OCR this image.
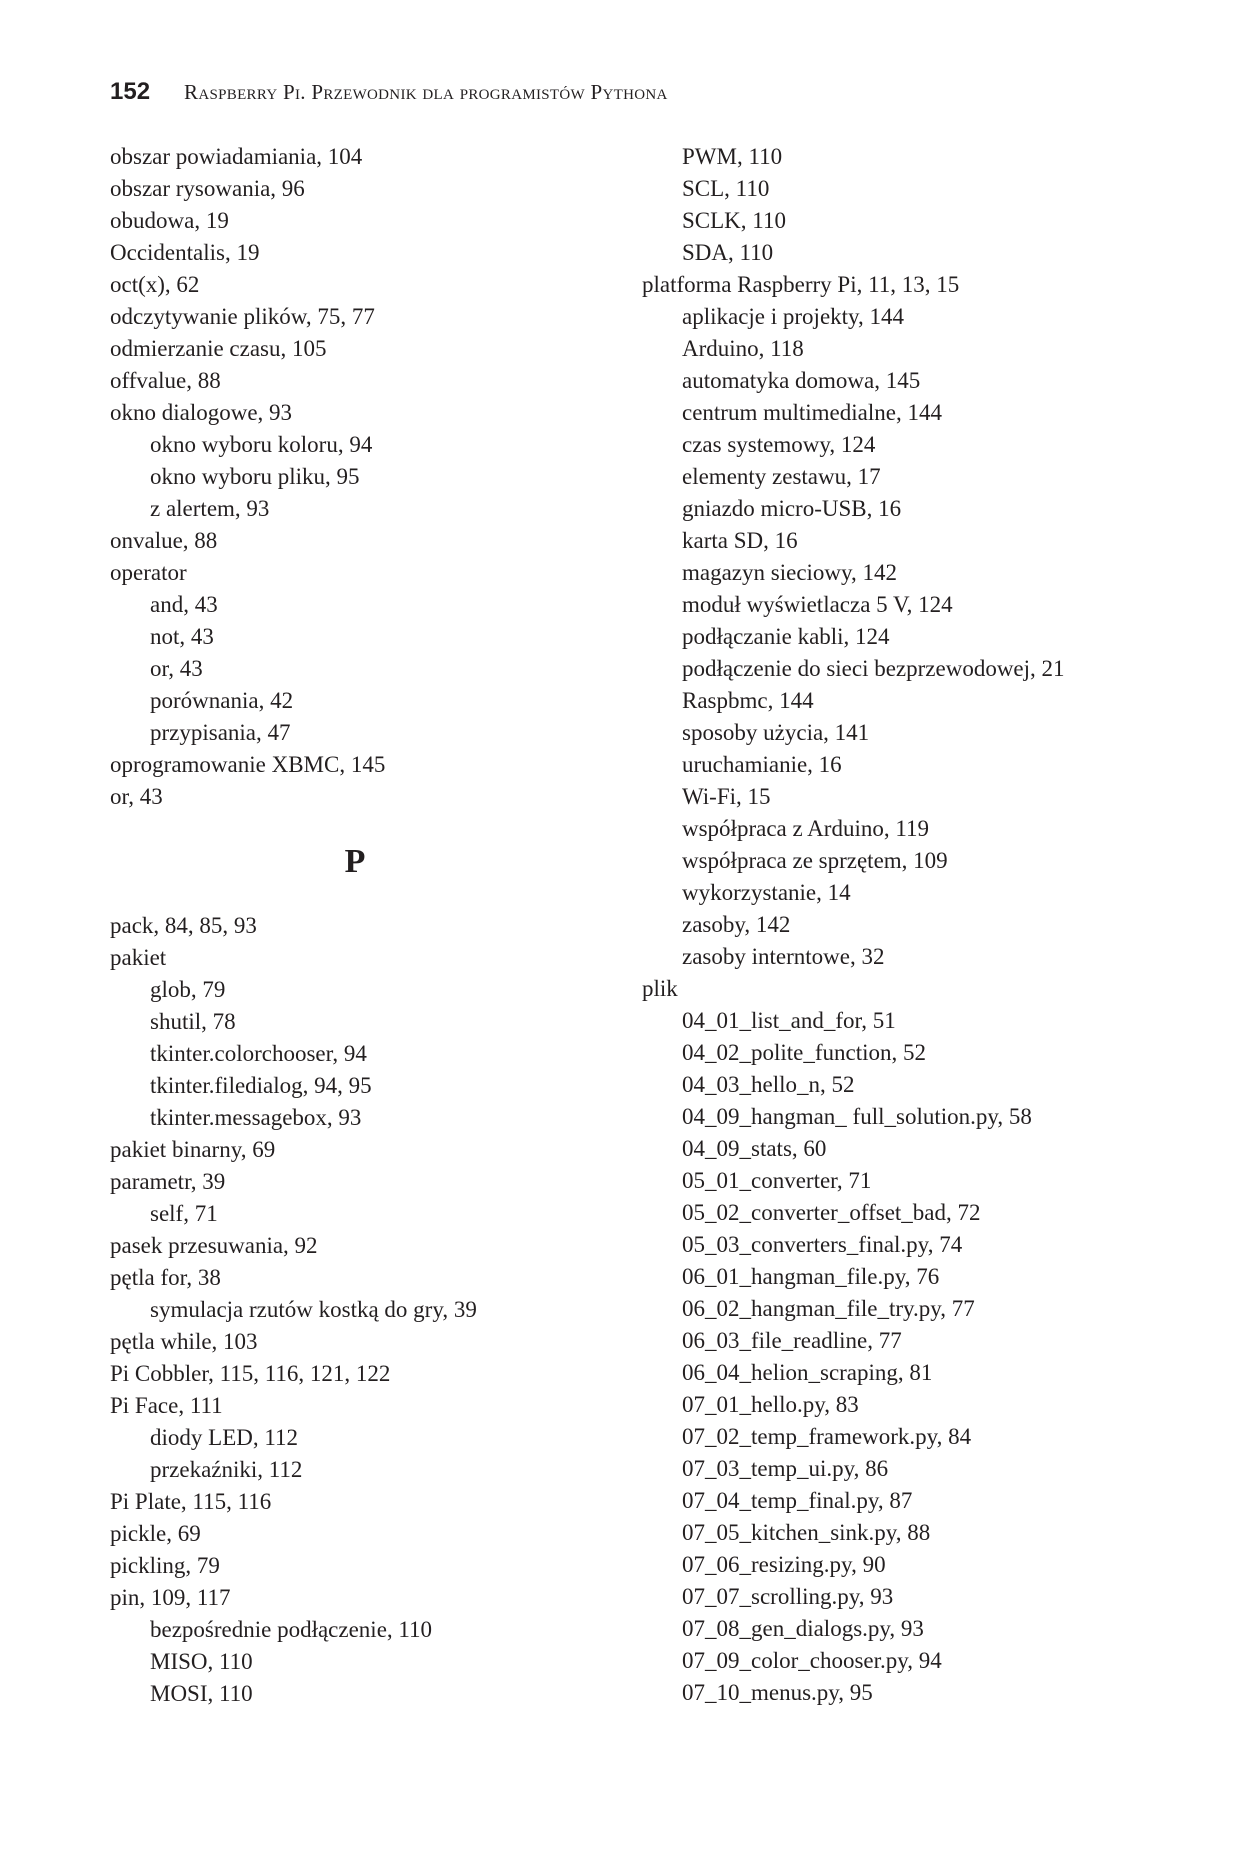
152 Raspberry Pi. Przewodnik dla programistów Pythona
obszar powiadamiania, 104
obszar rysowania, 96
obudowa, 19
Occidentalis, 19
oct(x), 62
odczytywanie plików, 75, 77
odmierzanie czasu, 105
offvalue, 88
okno dialogowe, 93
okno wyboru koloru, 94
okno wyboru pliku, 95
z alertem, 93
onvalue, 88
operator
and, 43
not, 43
or, 43
porównania, 42
przypisania, 47
oprogramowanie XBMC, 145
or, 43
P
pack, 84, 85, 93
pakiet
glob, 79
shutil, 78
tkinter.colorchooser, 94
tkinter.filedialog, 94, 95
tkinter.messagebox, 93
pakiet binarny, 69
parametr, 39
self, 71
pasek przesuwania, 92
pętla for, 38
symulacja rzutów kostką do gry, 39
pętla while, 103
Pi Cobbler, 115, 116, 121, 122
Pi Face, 111
diody LED, 112
przekaźniki, 112
Pi Plate, 115, 116
pickle, 69
pickling, 79
pin, 109, 117
bezpośrednie podłączenie, 110
MISO, 110
MOSI, 110
PWM, 110
SCL, 110
SCLK, 110
SDA, 110
platforma Raspberry Pi, 11, 13, 15
aplikacje i projekty, 144
Arduino, 118
automatyka domowa, 145
centrum multimedialne, 144
czas systemowy, 124
elementy zestawu, 17
gniazdo micro-USB, 16
karta SD, 16
magazyn sieciowy, 142
moduł wyświetlacza 5 V, 124
podłączanie kabli, 124
podłączenie do sieci bezprzewodowej, 21
Raspbmc, 144
sposoby użycia, 141
uruchamianie, 16
Wi-Fi, 15
współpraca z Arduino, 119
współpraca ze sprzętem, 109
wykorzystanie, 14
zasoby, 142
zasoby interntowe, 32
plik
04_01_list_and_for, 51
04_02_polite_function, 52
04_03_hello_n, 52
04_09_hangman_ full_solution.py, 58
04_09_stats, 60
05_01_converter, 71
05_02_converter_offset_bad, 72
05_03_converters_final.py, 74
06_01_hangman_file.py, 76
06_02_hangman_file_try.py, 77
06_03_file_readline, 77
06_04_helion_scraping, 81
07_01_hello.py, 83
07_02_temp_framework.py, 84
07_03_temp_ui.py, 86
07_04_temp_final.py, 87
07_05_kitchen_sink.py, 88
07_06_resizing.py, 90
07_07_scrolling.py, 93
07_08_gen_dialogs.py, 93
07_09_color_chooser.py, 94
07_10_menus.py, 95
